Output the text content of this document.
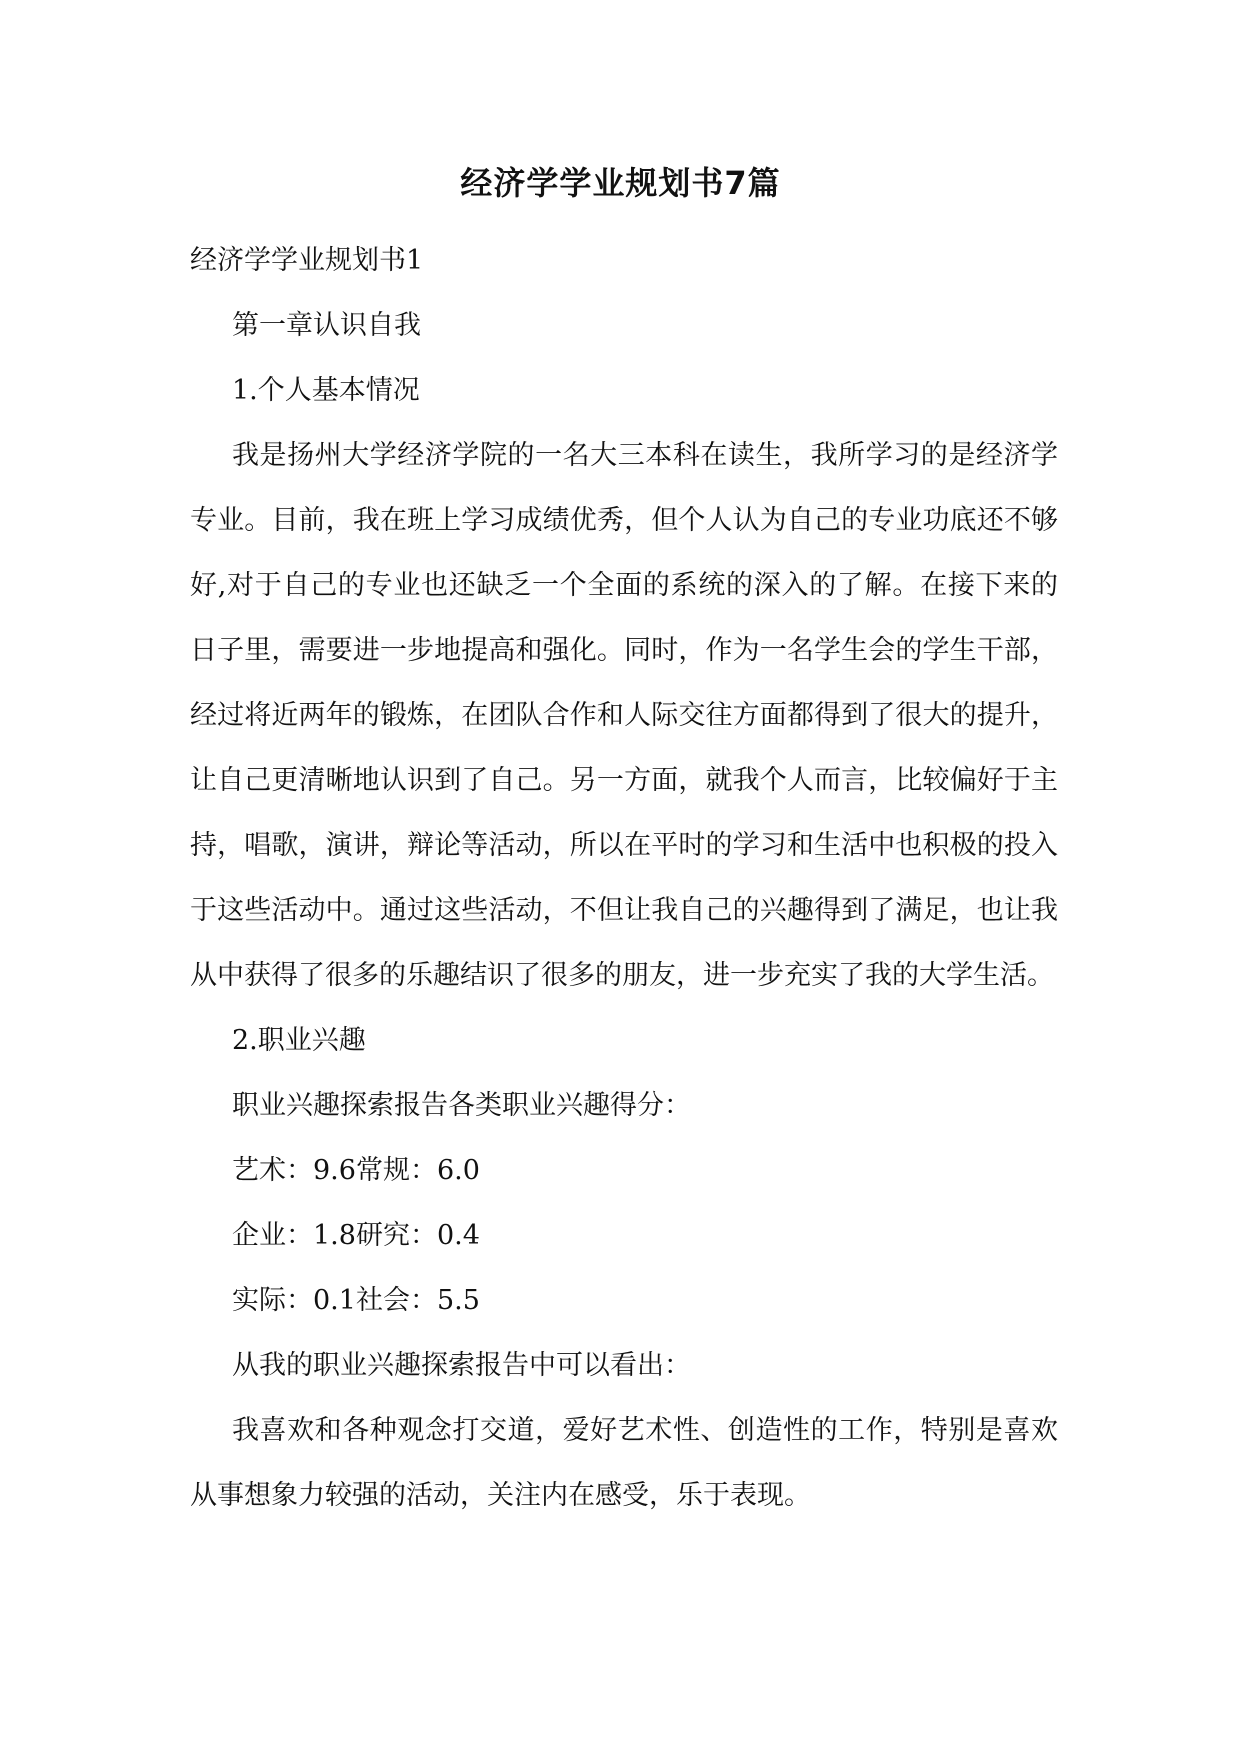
经济学学业规划书7篇

经济学学业规划书1

第一章认识自我

1.个人基本情况

我是扬州大学经济学院的一名大三本科在读生，我所学习的是经济学专业。目前，我在班上学习成绩优秀，但个人认为自己的专业功底还不够好,对于自己的专业也还缺乏一个全面的系统的深入的了解。在接下来的日子里，需要进一步地提高和强化。同时，作为一名学生会的学生干部，经过将近两年的锻炼，在团队合作和人际交往方面都得到了很大的提升，让自己更清晰地认识到了自己。另一方面，就我个人而言，比较偏好于主持，唱歌，演讲，辩论等活动，所以在平时的学习和生活中也积极的投入于这些活动中。通过这些活动，不但让我自己的兴趣得到了满足，也让我从中获得了很多的乐趣结识了很多的朋友，进一步充实了我的大学生活。

2.职业兴趣

职业兴趣探索报告各类职业兴趣得分：

艺术：9.6常规：6.0

企业：1.8研究：0.4

实际：0.1社会：5.5

从我的职业兴趣探索报告中可以看出：

我喜欢和各种观念打交道，爱好艺术性、创造性的工作，特别是喜欢从事想象力较强的活动，关注内在感受，乐于表现。
